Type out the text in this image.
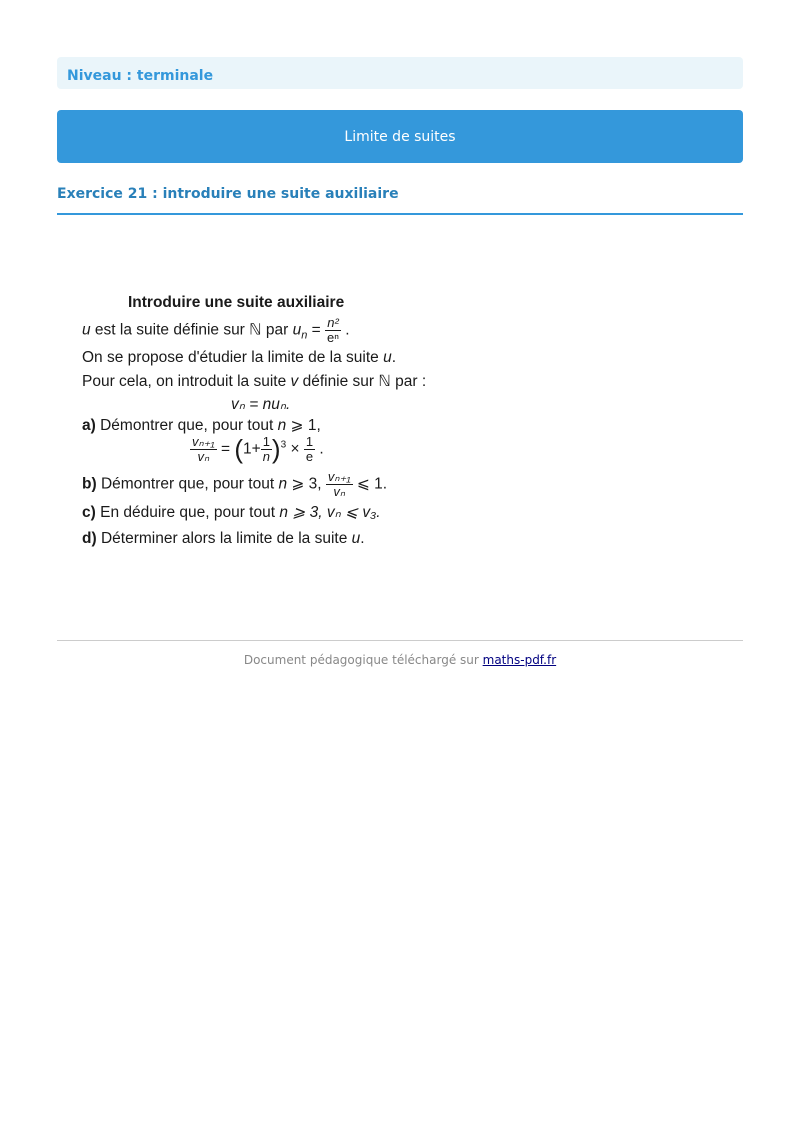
Niveau : terminale
Limite de suites
Exercice 21 : introduire une suite auxiliaire
Introduire une suite auxiliaire
u est la suite définie sur ℕ par $u_n = \frac{\text{n²}}{\text{eⁿ}}$ .
On se propose d'étudier la limite de la suite u.
Pour cela, on introduit la suite v définie sur ℕ par :
vₙ = nuₙ.
a) Démontrer que, pour tout n ⩾ 1,
$\frac{\text{vₙ₊₁}}{\text{vₙ}} = (1+ \frac{1}{n} )^3 \times \frac{1}{e}$ .
b) Démontrer que, pour tout n ⩾ 3, $\frac{\text{vₙ₊₁}}{\text{vₙ}}$ ⩽ 1.
c) En déduire que, pour tout n ⩾ 3, vₙ ⩽ v₃.
d) Déterminer alors la limite de la suite u.
Document pédagogique téléchargé sur maths-pdf.fr
